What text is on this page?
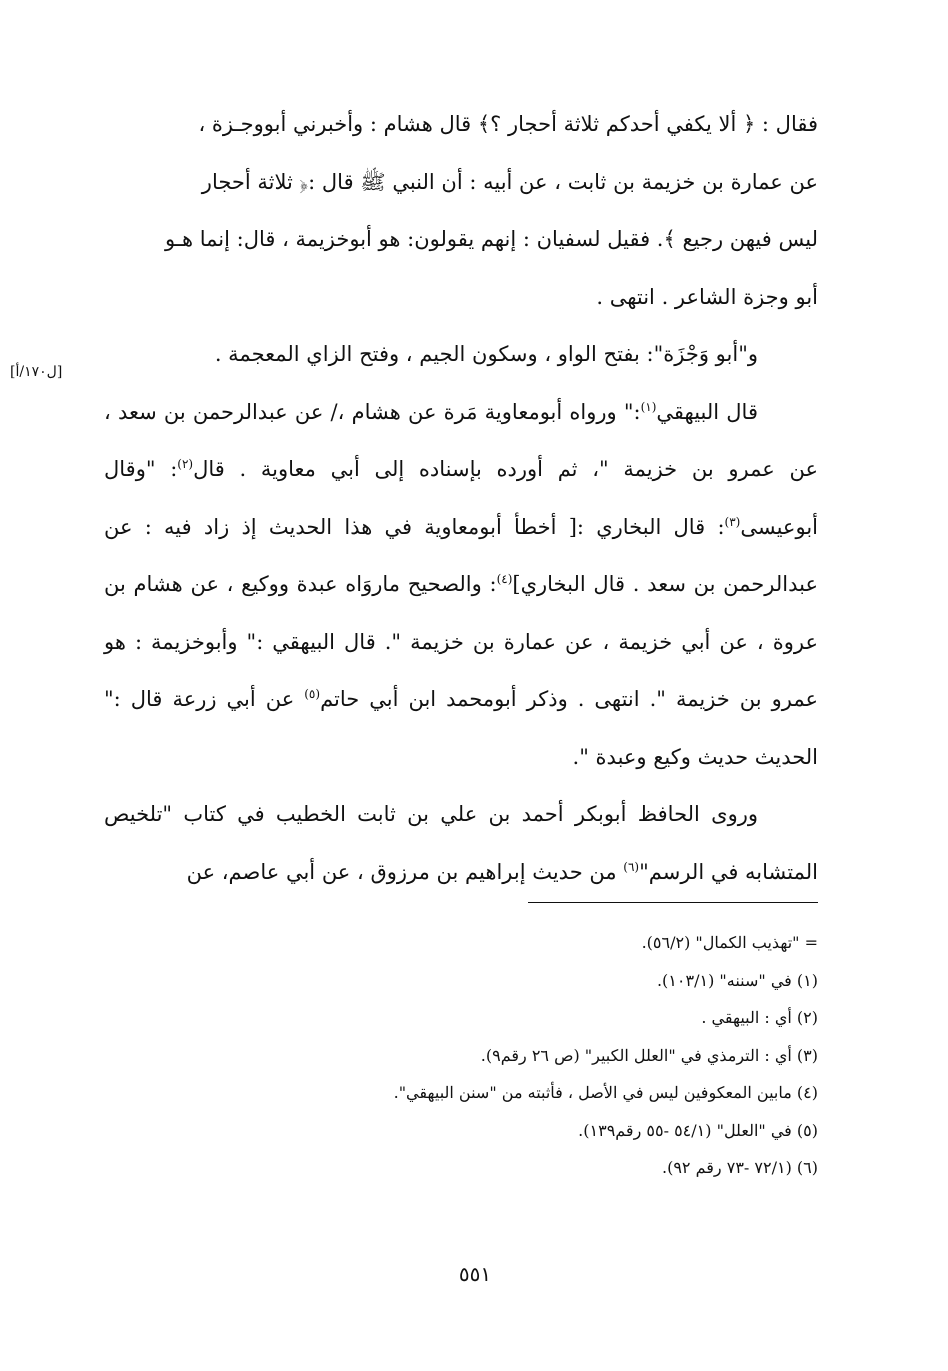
فقال : ﴿ ألا يكفي أحدكم ثلاثة أحجار ؟﴾ قال هشام : وأخبرني أبووجـزة ،

عن عمارة بن خزيمة بن ثابت ، عن أبيه : أن النبي ﷺ قال :﴿ ثلاثة أحجار

ليس فيهن رجيع ﴾. فقيل لسفيان : إنهم يقولون: هو أبوخزيمة ، قال: إنما هـو

أبو وجزة الشاعر . انتهى .

و"أبو وَجْزَة": بفتح الواو ، وسكون الجيم ، وفتح الزاي المعجمة .

قال البيهقي$^{(١)}$:" ورواه أبومعاوية مَرة عن هشام ،/ عن عبدالرحمن بن سعد ، عن عمرو بن خزيمة "، ثم أورده بإسناده إلى أبي معاوية . قال$^{(٢)}$: "وقال أبوعيسى$^{(٣)}$: قال البخاري :[ أخطأ أبومعاوية في هذا الحديث إذ زاد فيه : عن عبدالرحمن بن سعد . قال البخاري]$^{(٤)}$: والصحيح ماروَاه عبدة ووكيع ، عن هشام بن عروة ، عن أبي خزيمة ، عن عمارة بن خزيمة ". قال البيهقي :" وأبوخزيمة : هو عمرو بن خزيمة ". انتهى . وذكر أبومحمد ابن أبي حاتم$^{(٥)}$ عن أبي زرعة قال :" الحديث حديث وكيع وعبدة ".

وروى الحافظ أبوبكر أحمد بن علي بن ثابت الخطيب في كتاب "تلخيص المتشابه في الرسم"$^{(٦)}$ من حديث إبراهيم بن مرزوق ، عن أبي عاصم، عن

[ل١٧٠/أ]
= "تهذيب الكمال" (٥٦/٢).
(١) في "سننه" (١٠٣/١).
(٢) أي : البيهقي .
(٣) أي : الترمذي في "العلل الكبير" (ص ٢٦ رقم٩).
(٤) مابين المعكوفين ليس في الأصل ، فأثبته من "سنن البيهقي".
(٥) في "العلل" (٥٤/١ -٥٥ رقم١٣٩).
(٦) (٧٢/١ -٧٣ رقم ٩٢).
٥٥١
